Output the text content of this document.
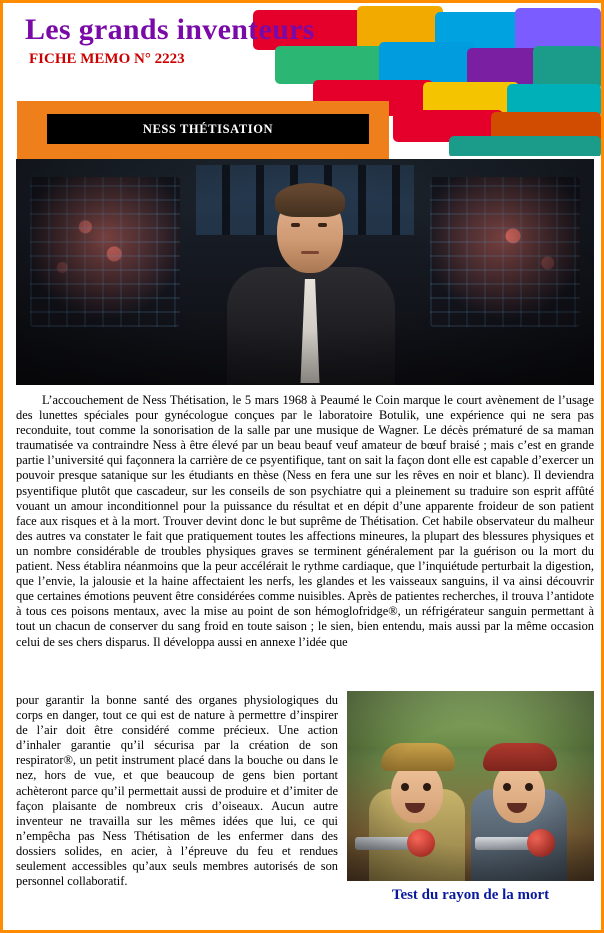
Les grands inventeurs
FICHE MEMO N° 2223
NESS THÉTISATION
L’accouchement de Ness Thétisation, le 5 mars 1968 à Peaumé le Coin marque le court avènement de l’usage des lunettes spéciales pour gynécologue conçues par le laboratoire Botulik, une expérience qui ne sera pas reconduite, tout comme la sonorisation de la salle par une musique de Wagner. Le décès prématuré de sa maman traumatisée va contraindre Ness à être élevé par un beau beauf veuf amateur de bœuf braisé ; mais c’est en grande partie l’université qui façonnera la carrière de ce psyentifique, tant on sait la façon dont elle est capable d’exercer un pouvoir presque satanique sur les étudiants en thèse (Ness en fera une sur les rêves en noir et blanc). Il deviendra psyentifique plutôt que cascadeur, sur les conseils de son psychiatre qui a pleinement su traduire son esprit affûté vouant un amour inconditionnel pour la puissance du résultat et en dépit d’une apparente froideur de son patient face aux risques et à la mort. Trouver devint donc le but suprême de Thétisation. Cet habile observateur du malheur des autres va constater le fait que pratiquement toutes les affections mineures, la plupart des blessures physiques et un nombre considérable de troubles physiques graves se terminent généralement par la guérison ou la mort du patient. Ness établira néanmoins que la peur accélérait le rythme cardiaque, que l’inquiétude perturbait la digestion, que l’envie, la jalousie et la haine affectaient les nerfs, les glandes et les vaisseaux sanguins, il va ainsi découvrir que certaines émotions peuvent être considérées comme nuisibles. Après de patientes recherches, il trouva l’antidote à tous ces poisons mentaux, avec la mise au point de son hémoglofridge®, un réfrigérateur sanguin permettant à tout un chacun de conserver du sang froid en toute saison ; le sien, bien entendu, mais aussi par la même occasion celui de ses chers disparus. Il développa aussi en annexe l’idée que
pour garantir la bonne santé des organes physiologiques du corps en danger, tout ce qui est de nature à permettre d’inspirer de l’air doit être considéré comme précieux. Une action d’inhaler garantie qu’il sécurisa par la création de son respirator®, un petit instrument placé dans la bouche ou dans le nez, hors de vue, et que beaucoup de gens bien portant achèteront parce qu’il permettait aussi de produire et d’imiter de façon plaisante de nombreux cris d’oiseaux. Aucun autre inventeur ne travailla sur les mêmes idées que lui, ce qui n’empêcha pas Ness Thétisation de les enfermer dans des dossiers solides, en acier, à l’épreuve du feu et rendues seulement accessibles qu’aux seuls membres autorisés de son personnel collaboratif.
Test du rayon de la mort
